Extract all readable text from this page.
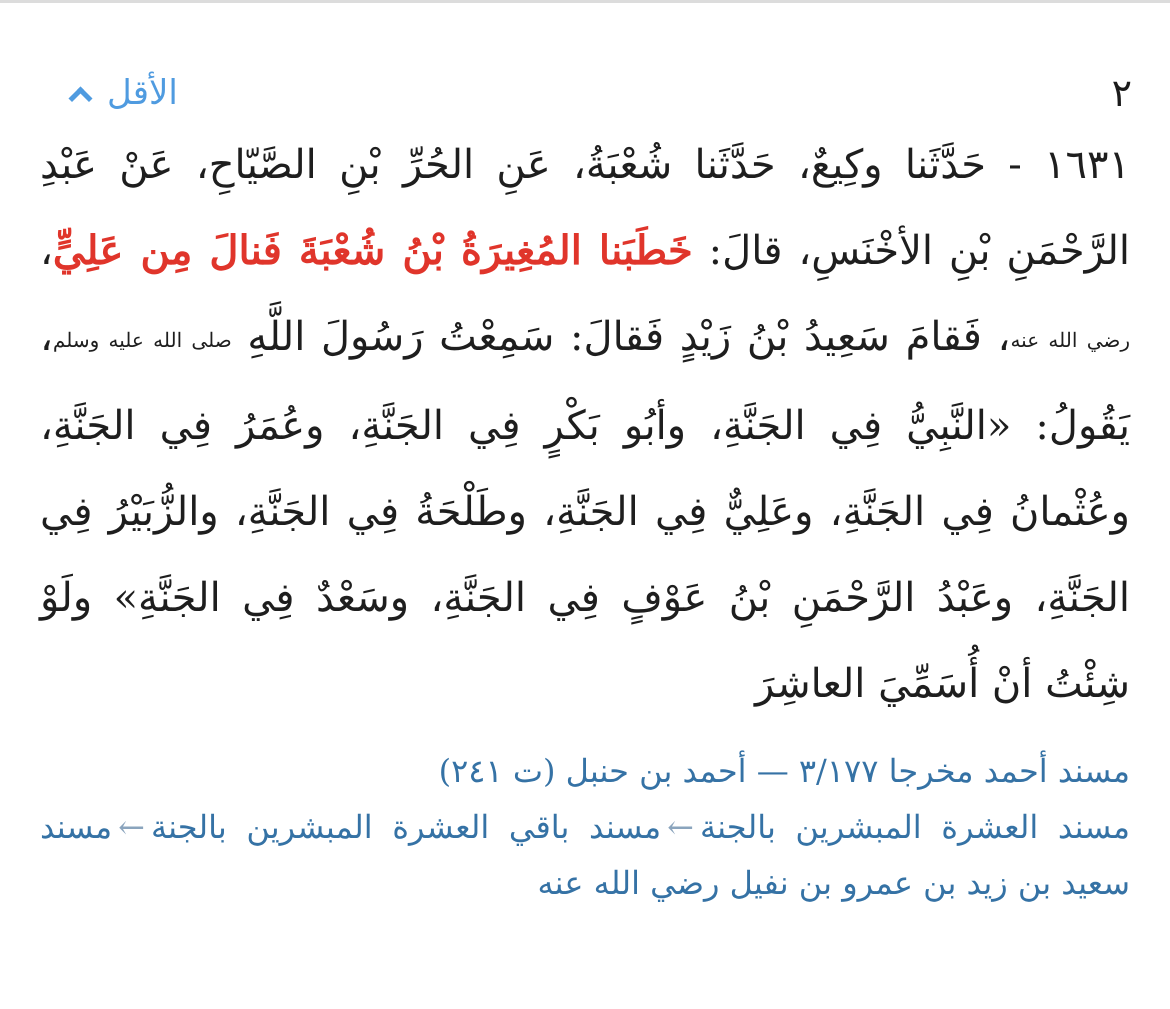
٢
الأقل
١٦٣١ - حَدَّثَنا وكِيعٌ، حَدَّثَنا شُعْبَةُ، عَنِ الحُرِّ بْنِ الصَّيّاحِ، عَنْ عَبْدِ الرَّحْمَنِ بْنِ الأخْنَسِ، قالَ: خَطَبَنا المُغِيرَةُ بْنُ شُعْبَةَ فَنالَ مِن عَلِيٍّ، رضي الله عنه، فَقامَ سَعِيدُ بْنُ زَيْدٍ فَقالَ: سَمِعْتُ رَسُولَ اللَّهِ صلى الله عليه وسلم، يَقُولُ: «النَّبِيُّ فِي الجَنَّةِ، وأبُو بَكْرٍ فِي الجَنَّةِ، وعُمَرُ فِي الجَنَّةِ، وعُثْمانُ فِي الجَنَّةِ، وعَلِيٌّ فِي الجَنَّةِ، وطَلْحَةُ فِي الجَنَّةِ، والزُّبَيْرُ فِي الجَنَّةِ، وعَبْدُ الرَّحْمَنِ بْنُ عَوْفٍ فِي الجَنَّةِ، وسَعْدٌ فِي الجَنَّةِ» ولَوْ شِئْتُ أنْ أُسَمِّيَ العاشِرَ
مسند أحمد مخرجا ٣/١٧٧ — أحمد بن حنبل (ت ٢٤١)
مسند العشرة المبشرين بالجنة←مسند باقي العشرة المبشرين بالجنة←مسند سعيد بن زيد بن عمرو بن نفيل رضي الله عنه
